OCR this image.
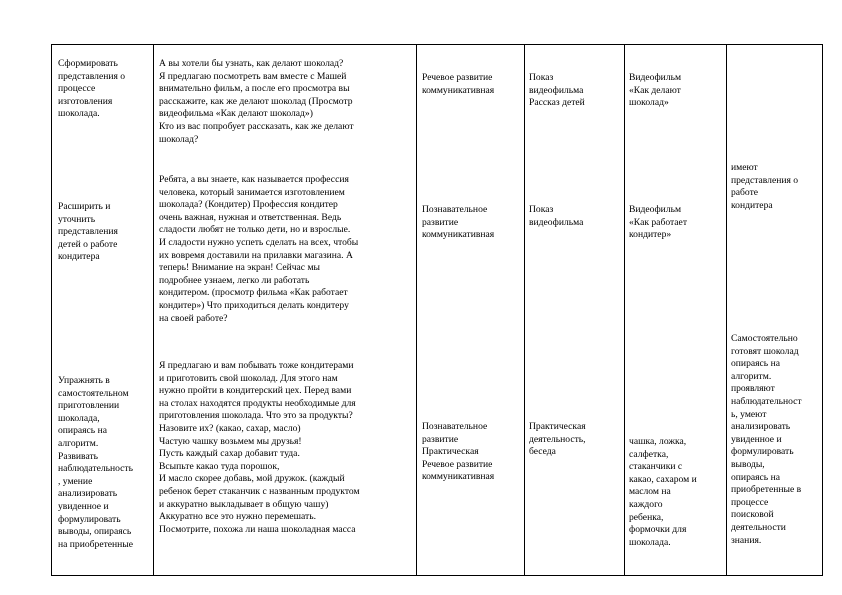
Сформировать
представления о
процессе
изготовления
шоколада.
Расширить и
уточнить
представления
детей о работе
кондитера
Упражнять в
самостоятельном
приготовлении
шоколада,
опираясь на
алгоритм.
Развивать
наблюдательность
, умение
анализировать
увиденное и
формулировать
выводы, опираясь
на приобретенные
А вы хотели бы узнать, как делают шоколад?
Я предлагаю посмотреть вам вместе с Машей
внимательно фильм, а после его просмотра вы
расскажите, как же делают шоколад (Просмотр
видеофильма «Как делают шоколад»)
Кто из вас попробует рассказать, как же делают
шоколад?
Ребята, а вы знаете, как называется профессия
человека, который занимается изготовлением
шоколада? (Кондитер) Профессия кондитер
очень важная, нужная и ответственная. Ведь
сладости любят не только дети, но и взрослые.
И сладости нужно успеть сделать на всех, чтобы
их вовремя доставили на прилавки магазина. А
теперь! Внимание на экран! Сейчас мы
подробнее узнаем, легко ли работать
кондитером. (просмотр фильма «Как работает
кондитер») Что приходиться делать кондитеру
на своей работе?
Я предлагаю и вам побывать тоже кондитерами
и приготовить свой шоколад. Для этого нам
нужно пройти в кондитерский цех. Перед вами
на столах находятся продукты необходимые для
приготовления шоколада. Что это за продукты?
Назовите их? (какао, сахар, масло)
Частую чашку возьмем мы друзья!
Пусть каждый сахар добавит туда.
Всыпьте какао туда порошок,
И масло скорее добавь, мой дружок. (каждый
ребенок берет стаканчик с названным продуктом
и аккуратно выкладывает в общую чашу)
Аккуратно все это нужно перемешать.
Посмотрите, похожа ли наша шоколадная масса
Речевое развитие
коммуникативная
Познавательное
развитие
коммуникативная
Познавательное
развитие
Практическая
Речевое развитие
коммуникативная
Показ
видеофильма
Рассказ детей
Показ
видеофильма
Практическая
деятельность,
беседа
Видеофильм
«Как делают
шоколад»
Видеофильм
«Как работает
кондитер»
чашка, ложка,
салфетка,
стаканчики с
какао, сахаром и
маслом на
каждого
ребенка,
формочки для
шоколада.
имеют
представления о
работе
кондитера
Самостоятельно
готовят шоколад
опираясь на
алгоритм.
проявляют
наблюдательност
ь, умеют
анализировать
увиденное и
формулировать
выводы,
опираясь на
приобретенные в
процессе
поисковой
деятельности
знания.
